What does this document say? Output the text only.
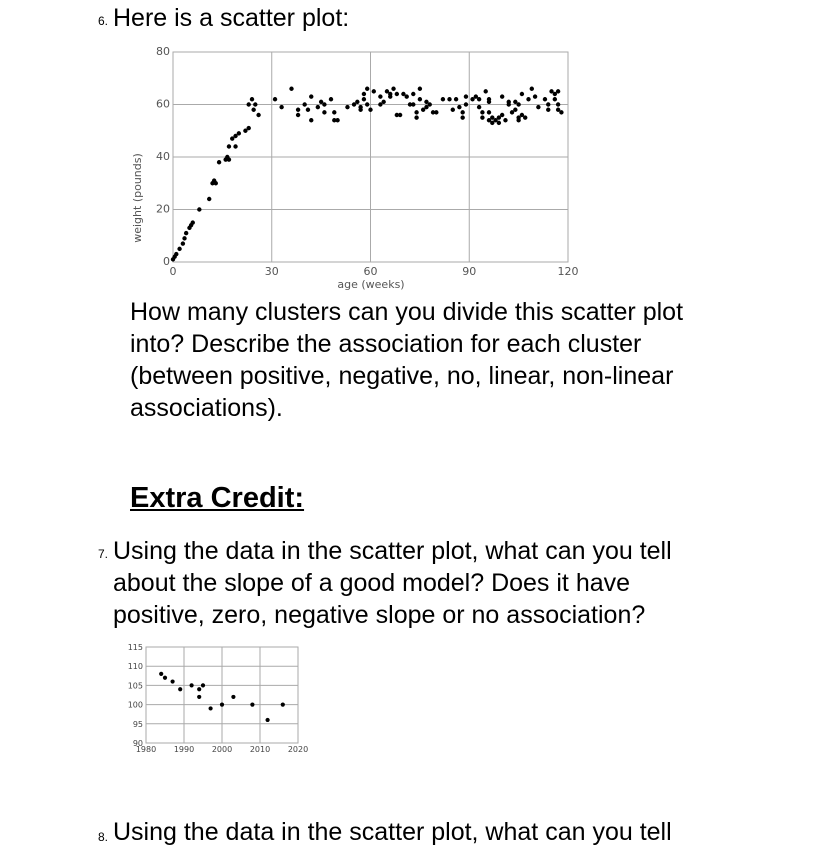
6. Here is a scatter plot:
0	30	60	90	120
0
20
40
60
80
age (weeks)
weight (pounds)
How many clusters can you divide this scatter plot
into? Describe the association for each cluster
(between positive, negative, no, linear, non-linear
associations).
Extra Credit:
7. Using the data in the scatter plot, what can you tell
about the slope of a good model? Does it have
positive, zero, negative slope or no association?
1980 1990 2000 2010 2020
90
95
100
105
110
115
8. Using the data in the scatter plot, what can you tell
